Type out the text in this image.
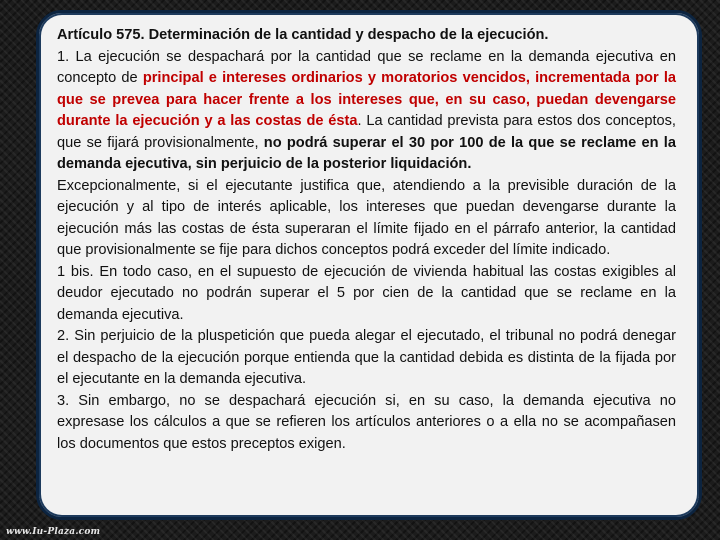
Artículo 575. Determinación de la cantidad y despacho de la ejecución.

1. La ejecución se despachará por la cantidad que se reclame en la demanda ejecutiva en concepto de principal e intereses ordinarios y moratorios vencidos, incrementada por la que se prevea para hacer frente a los intereses que, en su caso, puedan devengarse durante la ejecución y a las costas de ésta. La cantidad prevista para estos dos conceptos, que se fijará provisionalmente, no podrá superar el 30 por 100 de la que se reclame en la demanda ejecutiva, sin perjuicio de la posterior liquidación.

Excepcionalmente, si el ejecutante justifica que, atendiendo a la previsible duración de la ejecución y al tipo de interés aplicable, los intereses que puedan devengarse durante la ejecución más las costas de ésta superaran el límite fijado en el párrafo anterior, la cantidad que provisionalmente se fije para dichos conceptos podrá exceder del límite indicado.

1 bis. En todo caso, en el supuesto de ejecución de vivienda habitual las costas exigibles al deudor ejecutado no podrán superar el 5 por cien de la cantidad que se reclame en la demanda ejecutiva.

2. Sin perjuicio de la pluspetición que pueda alegar el ejecutado, el tribunal no podrá denegar el despacho de la ejecución porque entienda que la cantidad debida es distinta de la fijada por el ejecutante en la demanda ejecutiva.

3. Sin embargo, no se despachará ejecución si, en su caso, la demanda ejecutiva no expresase los cálculos a que se refieren los artículos anteriores o a ella no se acompañasen los documentos que estos preceptos exigen.

www.Iu-Plaza.com
